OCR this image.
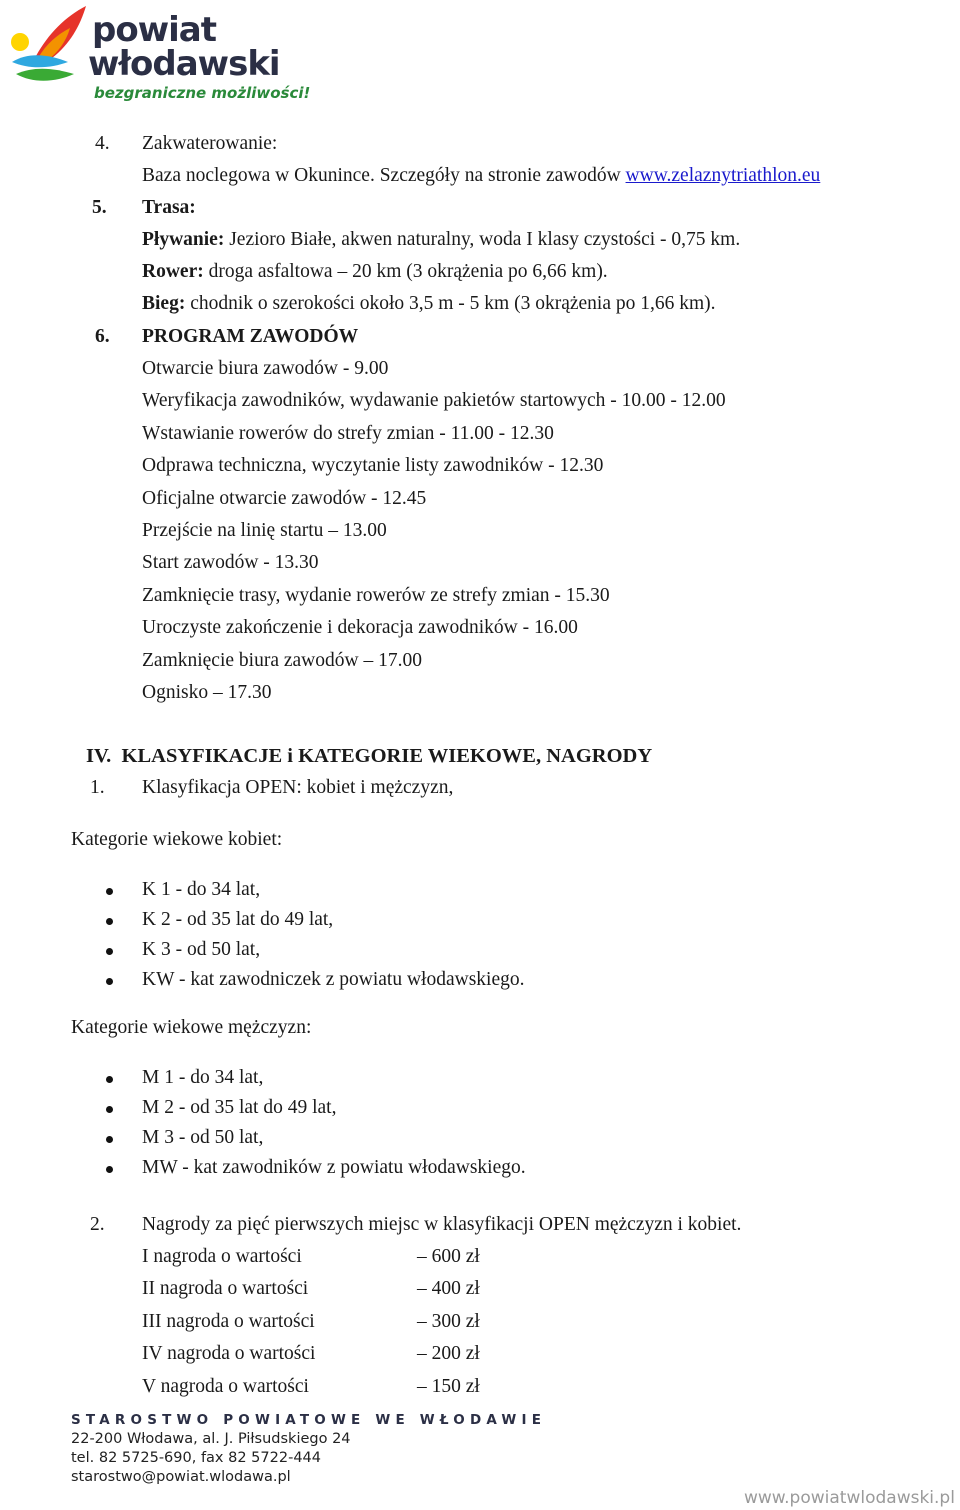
powiat
włodawski
bezgraniczne możliwości!
4. Zakwaterowanie:
Baza noclegowa w Okunince. Szczegóły na stronie zawodów www.zelaznytriathlon.eu
5. Trasa:
Pływanie: Jezioro Białe, akwen naturalny, woda I klasy czystości - 0,75 km.
Rower: droga asfaltowa – 20 km (3 okrążenia po 6,66 km).
Bieg: chodnik o szerokości około 3,5 m - 5 km (3 okrążenia po 1,66 km).
6. PROGRAM ZAWODÓW
Otwarcie biura zawodów - 9.00
Weryfikacja zawodników, wydawanie pakietów startowych - 10.00 - 12.00
Wstawianie rowerów do strefy zmian - 11.00 - 12.30
Odprawa techniczna, wyczytanie listy zawodników - 12.30
Oficjalne otwarcie zawodów - 12.45
Przejście na linię startu – 13.00
Start zawodów - 13.30
Zamknięcie trasy, wydanie rowerów ze strefy zmian - 15.30
Uroczyste zakończenie i dekoracja zawodników - 16.00
Zamknięcie biura zawodów – 17.00
Ognisko – 17.30
IV.  KLASYFIKACJE i KATEGORIE WIEKOWE, NAGRODY
1. Klasyfikacja OPEN: kobiet i mężczyzn,
Kategorie wiekowe kobiet:
K 1 - do 34 lat,
K 2 - od 35 lat do 49 lat,
K 3 - od 50 lat,
KW - kat zawodniczek z powiatu włodawskiego.
Kategorie wiekowe mężczyzn:
M 1 - do 34 lat,
M 2 - od 35 lat do 49 lat,
M 3 - od 50 lat,
MW - kat zawodników z powiatu włodawskiego.
2. Nagrody za pięć pierwszych miejsc w klasyfikacji OPEN mężczyzn i kobiet.
I nagroda o wartości	– 600 zł
II nagroda o wartości	– 400 zł
III nagroda o wartości	– 300 zł
IV nagroda o wartości	– 200 zł
V nagroda o wartości	– 150 zł
STAROSTWO POWIATOWE WE WŁODAWIE
22-200 Włodawa, al. J. Piłsudskiego 24
tel. 82 5725-690, fax 82 5722-444
starostwo@powiat.wlodawa.pl
www.powiatwlodawski.pl
